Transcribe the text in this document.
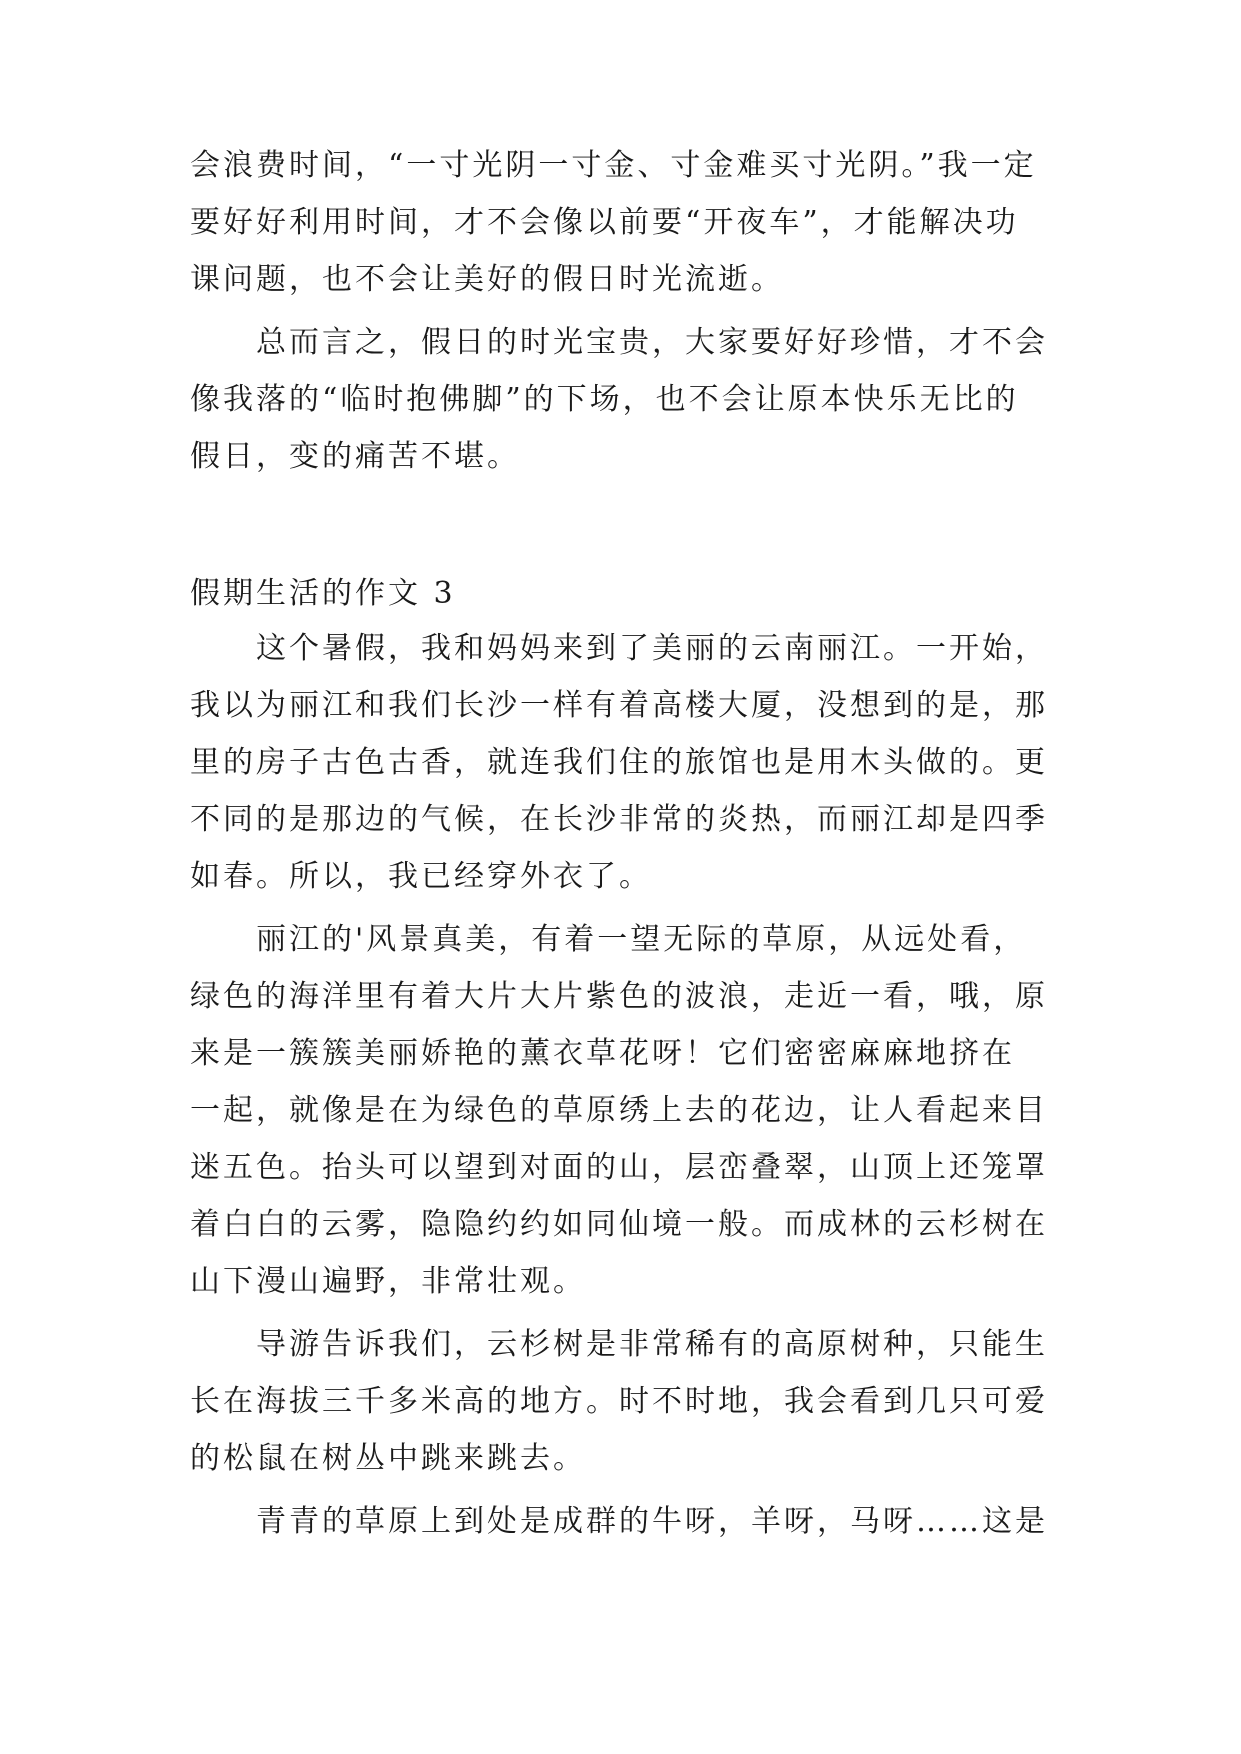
会浪费时间，“一寸光阴一寸金、寸金难买寸光阴。”我一定
要好好利用时间，才不会像以前要“开夜车”，才能解决功
课问题，也不会让美好的假日时光流逝。
总而言之，假日的时光宝贵，大家要好好珍惜，才不会
像我落的“临时抱佛脚”的下场，也不会让原本快乐无比的
假日，变的痛苦不堪。
假期生活的作文 3
这个暑假，我和妈妈来到了美丽的云南丽江。一开始，
我以为丽江和我们长沙一样有着高楼大厦，没想到的是，那
里的房子古色古香，就连我们住的旅馆也是用木头做的。更
不同的是那边的气候，在长沙非常的炎热，而丽江却是四季
如春。所以，我已经穿外衣了。
丽江的'风景真美，有着一望无际的草原，从远处看，
绿色的海洋里有着大片大片紫色的波浪，走近一看，哦，原
来是一簇簇美丽娇艳的薰衣草花呀！它们密密麻麻地挤在
一起，就像是在为绿色的草原绣上去的花边，让人看起来目
迷五色。抬头可以望到对面的山，层峦叠翠，山顶上还笼罩
着白白的云雾，隐隐约约如同仙境一般。而成林的云杉树在
山下漫山遍野，非常壮观。
导游告诉我们，云杉树是非常稀有的高原树种，只能生
长在海拔三千多米高的地方。时不时地，我会看到几只可爱
的松鼠在树丛中跳来跳去。
青青的草原上到处是成群的牛呀，羊呀，马呀……这是
